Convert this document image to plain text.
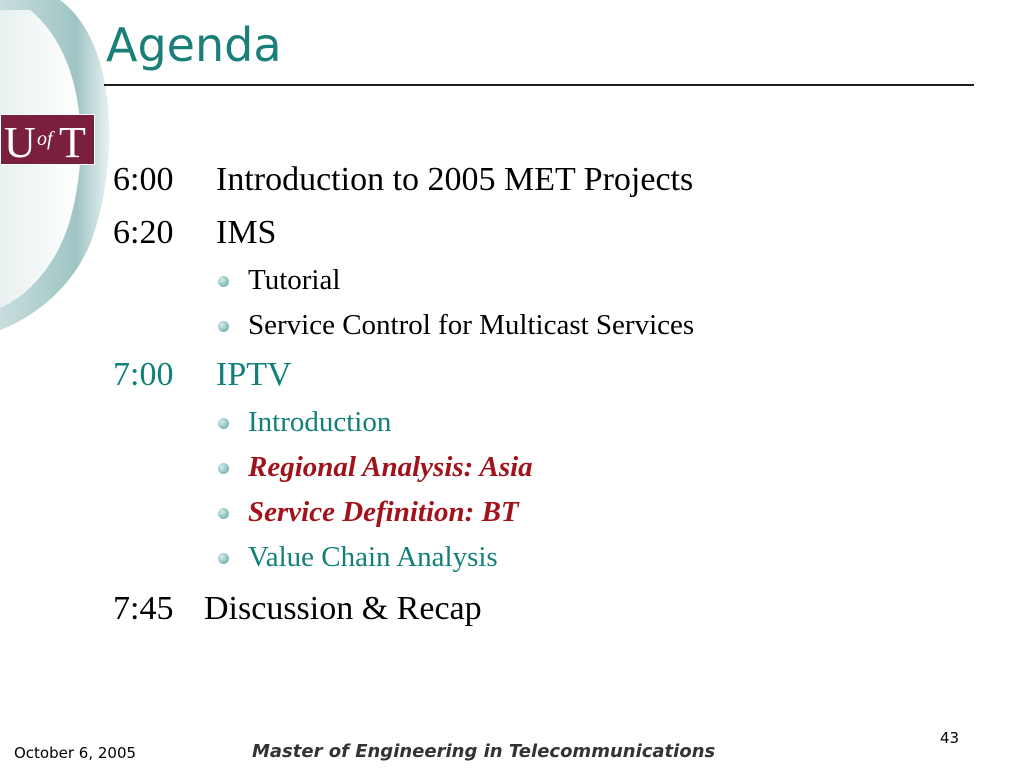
Agenda
U of T
6:00 Introduction to 2005 MET Projects
6:20 IMS
Tutorial
Service Control for Multicast Services
7:00 IPTV
Introduction
Regional Analysis: Asia
Service Definition: BT
Value Chain Analysis
7:45 Discussion & Recap
43
October 6, 2005	Master of Engineering in Telecommunications
